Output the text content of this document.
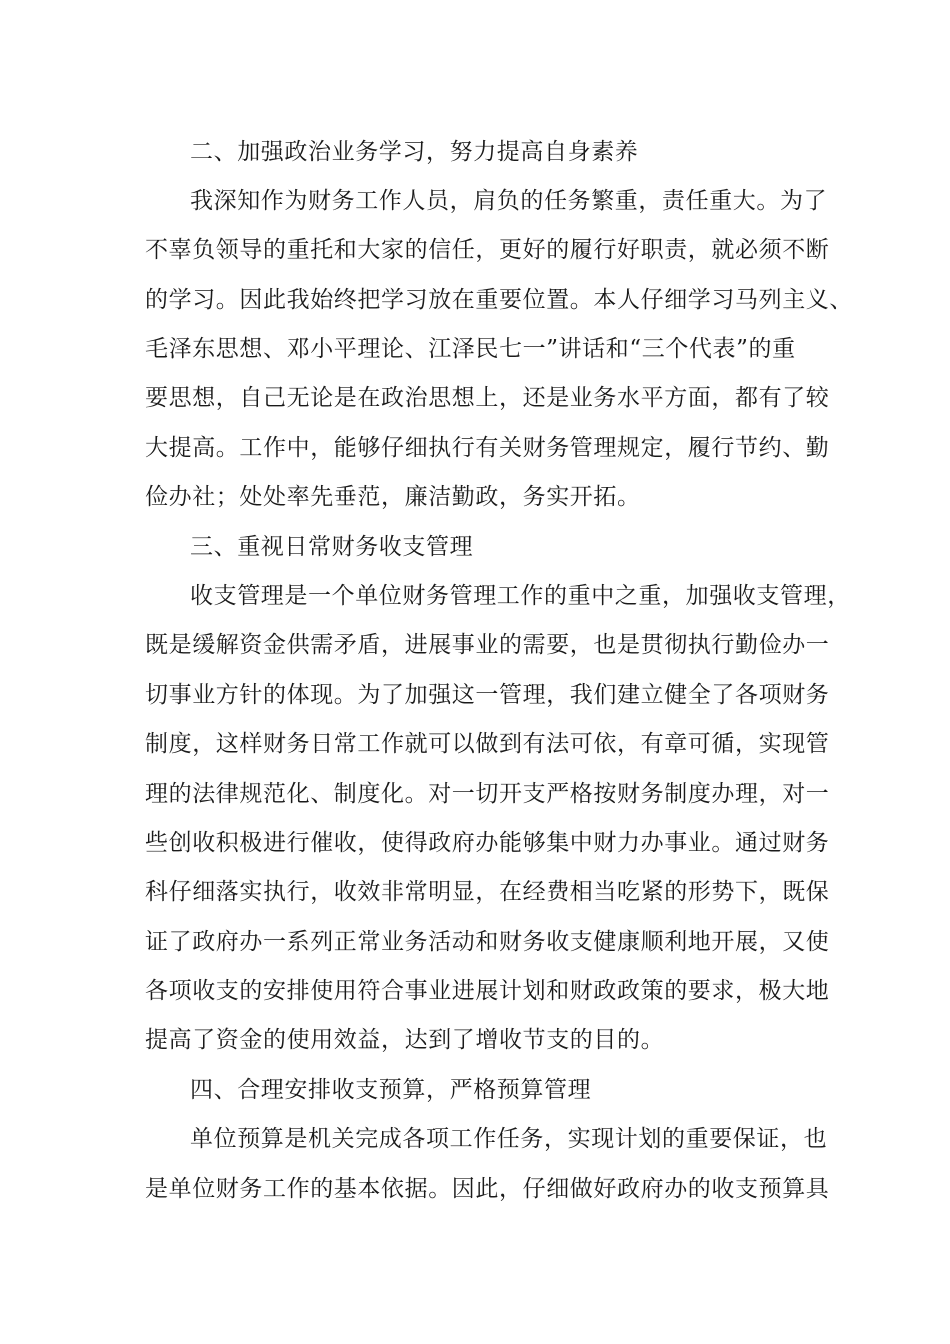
二、加强政治业务学习，努力提高自身素养
我深知作为财务工作人员，肩负的任务繁重，责任重大。为了
不辜负领导的重托和大家的信任，更好的履行好职责，就必须不断
的学习。因此我始终把学习放在重要位置。本人仔细学习马列主义、
毛泽东思想、邓小平理论、江泽民七一”讲话和“三个代表”的重
要思想，自己无论是在政治思想上，还是业务水平方面，都有了较
大提高。工作中，能够仔细执行有关财务管理规定，履行节约、勤
俭办社；处处率先垂范，廉洁勤政，务实开拓。
三、重视日常财务收支管理
收支管理是一个单位财务管理工作的重中之重，加强收支管理，
既是缓解资金供需矛盾，进展事业的需要，也是贯彻执行勤俭办一
切事业方针的体现。为了加强这一管理，我们建立健全了各项财务
制度，这样财务日常工作就可以做到有法可依，有章可循，实现管
理的法律规范化、制度化。对一切开支严格按财务制度办理，对一
些创收积极进行催收，使得政府办能够集中财力办事业。通过财务
科仔细落实执行，收效非常明显，在经费相当吃紧的形势下，既保
证了政府办一系列正常业务活动和财务收支健康顺利地开展，又使
各项收支的安排使用符合事业进展计划和财政政策的要求，极大地
提高了资金的使用效益，达到了增收节支的目的。
四、合理安排收支预算，严格预算管理
单位预算是机关完成各项工作任务，实现计划的重要保证，也
是单位财务工作的基本依据。因此，仔细做好政府办的收支预算具
